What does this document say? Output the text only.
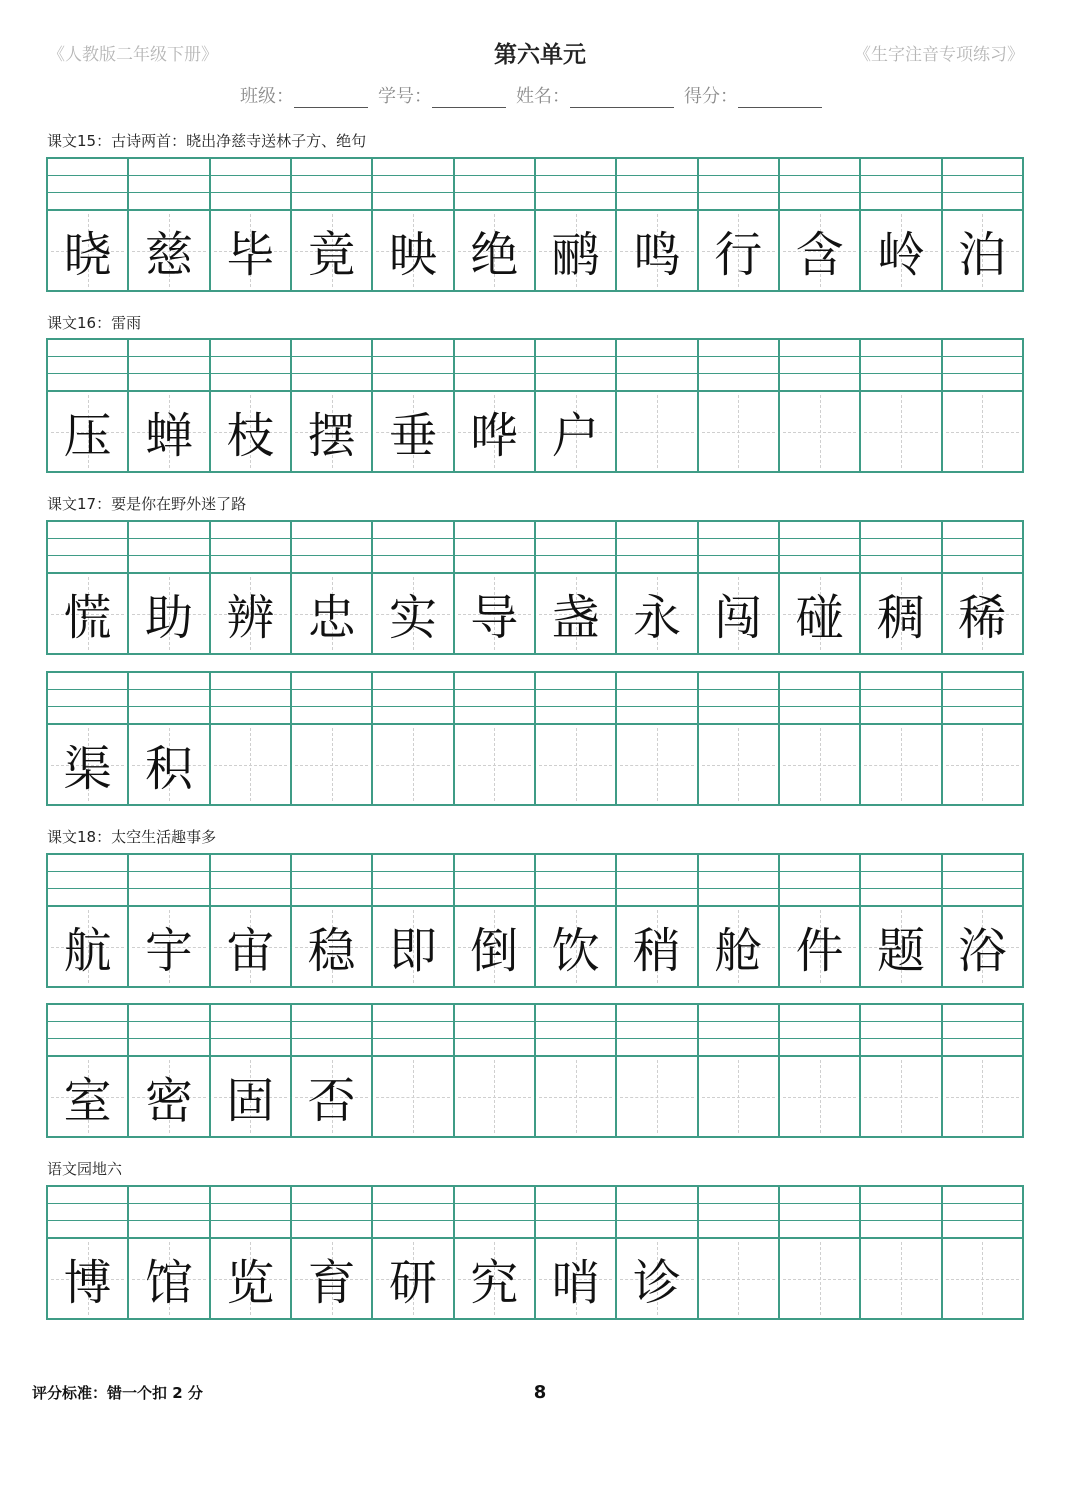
《人教版二年级下册》	第六单元	《生字注音专项练习》
班级：	学号：	姓名：	得分：
课文15：古诗两首：晓出净慈寺送林子方、绝句
晓 慈 毕 竟 映 绝 鹂 鸣 行 含 岭 泊
课文16：雷雨
压 蝉 枝 摆 垂 哗 户
课文17：要是你在野外迷了路
慌 助 辨 忠 实 导 盏 永 闯 碰 稠 稀
渠 积
课文18：太空生活趣事多
航 宇 宙 稳 即 倒 饮 稍 舱 件 题 浴
室 密 固 否
语文园地六
博 馆 览 育 研 究 哨 诊
评分标准：错一个扣 2 分	8
